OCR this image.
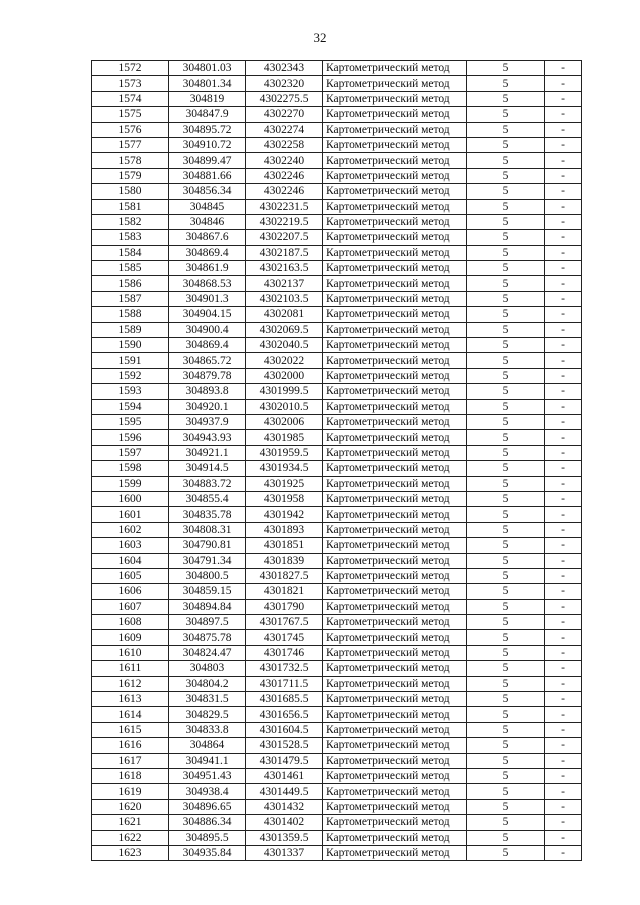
32
1572	304801.03	4302343	Картометрический метод	5	-
1573	304801.34	4302320	Картометрический метод	5	-
1574	304819	4302275.5	Картометрический метод	5	-
1575	304847.9	4302270	Картометрический метод	5	-
1576	304895.72	4302274	Картометрический метод	5	-
1577	304910.72	4302258	Картометрический метод	5	-
1578	304899.47	4302240	Картометрический метод	5	-
1579	304881.66	4302246	Картометрический метод	5	-
1580	304856.34	4302246	Картометрический метод	5	-
1581	304845	4302231.5	Картометрический метод	5	-
1582	304846	4302219.5	Картометрический метод	5	-
1583	304867.6	4302207.5	Картометрический метод	5	-
1584	304869.4	4302187.5	Картометрический метод	5	-
1585	304861.9	4302163.5	Картометрический метод	5	-
1586	304868.53	4302137	Картометрический метод	5	-
1587	304901.3	4302103.5	Картометрический метод	5	-
1588	304904.15	4302081	Картометрический метод	5	-
1589	304900.4	4302069.5	Картометрический метод	5	-
1590	304869.4	4302040.5	Картометрический метод	5	-
1591	304865.72	4302022	Картометрический метод	5	-
1592	304879.78	4302000	Картометрический метод	5	-
1593	304893.8	4301999.5	Картометрический метод	5	-
1594	304920.1	4302010.5	Картометрический метод	5	-
1595	304937.9	4302006	Картометрический метод	5	-
1596	304943.93	4301985	Картометрический метод	5	-
1597	304921.1	4301959.5	Картометрический метод	5	-
1598	304914.5	4301934.5	Картометрический метод	5	-
1599	304883.72	4301925	Картометрический метод	5	-
1600	304855.4	4301958	Картометрический метод	5	-
1601	304835.78	4301942	Картометрический метод	5	-
1602	304808.31	4301893	Картометрический метод	5	-
1603	304790.81	4301851	Картометрический метод	5	-
1604	304791.34	4301839	Картометрический метод	5	-
1605	304800.5	4301827.5	Картометрический метод	5	-
1606	304859.15	4301821	Картометрический метод	5	-
1607	304894.84	4301790	Картометрический метод	5	-
1608	304897.5	4301767.5	Картометрический метод	5	-
1609	304875.78	4301745	Картометрический метод	5	-
1610	304824.47	4301746	Картометрический метод	5	-
1611	304803	4301732.5	Картометрический метод	5	-
1612	304804.2	4301711.5	Картометрический метод	5	-
1613	304831.5	4301685.5	Картометрический метод	5	-
1614	304829.5	4301656.5	Картометрический метод	5	-
1615	304833.8	4301604.5	Картометрический метод	5	-
1616	304864	4301528.5	Картометрический метод	5	-
1617	304941.1	4301479.5	Картометрический метод	5	-
1618	304951.43	4301461	Картометрический метод	5	-
1619	304938.4	4301449.5	Картометрический метод	5	-
1620	304896.65	4301432	Картометрический метод	5	-
1621	304886.34	4301402	Картометрический метод	5	-
1622	304895.5	4301359.5	Картометрический метод	5	-
1623	304935.84	4301337	Картометрический метод	5	-
